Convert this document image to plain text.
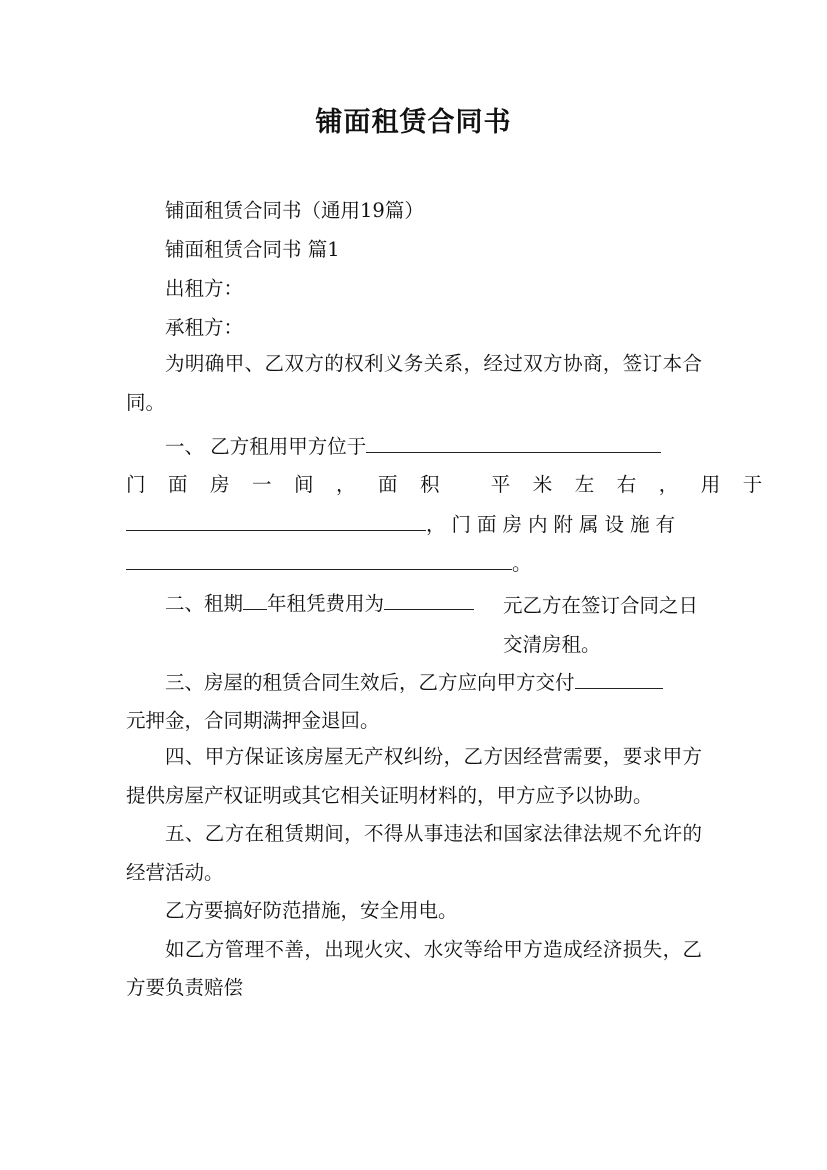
铺面租赁合同书
铺面租赁合同书（通用19篇）
铺面租赁合同书 篇1
出租方：
承租方：

为明确甲、乙双方的权利义务关系，经过双方协商，签订本合同。

一、 乙方租用甲方位于
门面房一间，面积 平米左右，用于
，门面房内附属设施有
。
二、租期 年租凭费用为	元乙方在签订合同之日交清房租。
三、房屋的租赁合同生效后，乙方应向甲方交付
元押金，合同期满押金退回。

四、甲方保证该房屋无产权纠纷，乙方因经营需要，要求甲方提供房屋产权证明或其它相关证明材料的，甲方应予以协助。

五、乙方在租赁期间，不得从事违法和国家法律法规不允许的经营活动。

乙方要搞好防范措施，安全用电。

如乙方管理不善，出现火灾、水灾等给甲方造成经济损失，乙方要负责赔偿
